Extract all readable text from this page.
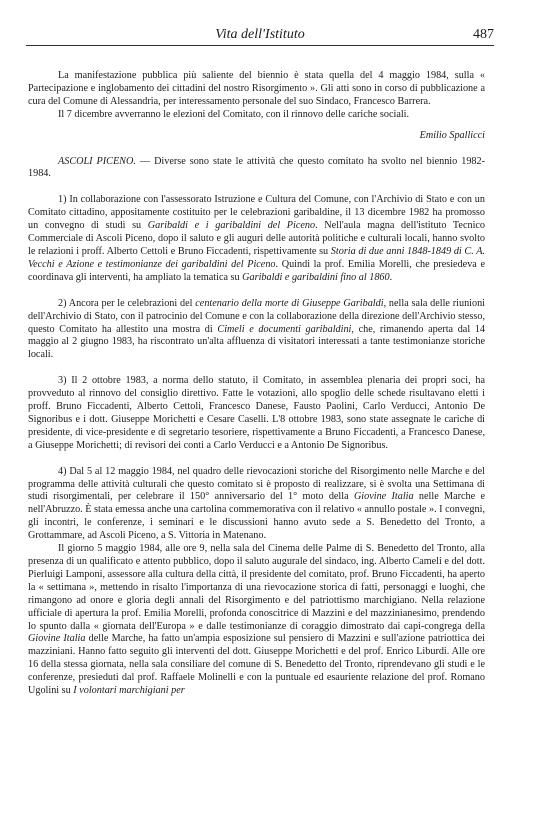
Vita dell'Istituto	487

La manifestazione pubblica più saliente del biennio è stata quella del 4 maggio 1984, sulla « Partecipazione e inglobamento dei cittadini del nostro Risorgimento ». Gli atti sono in corso di pubblicazione a cura del Comune di Alessandria, per interessamento personale del suo Sindaco, Francesco Barrera.

Il 7 dicembre avverranno le elezioni del Comitato, con il rinnovo delle cariche sociali.

Emilio Spallicci

ASCOLI PICENO. — Diverse sono state le attività che questo comitato ha svolto nel biennio 1982-1984.

1) In collaborazione con l'assessorato Istruzione e Cultura del Comune, con l'Archivio di Stato e con un Comitato cittadino, appositamente costituito per le celebrazioni garibaldine, il 13 dicembre 1982 ha promosso un convegno di studi su Garibaldi e i garibaldini del Piceno. Nell'aula magna dell'istituto Tecnico Commerciale di Ascoli Piceno, dopo il saluto e gli auguri delle autorità politiche e culturali locali, hanno svolto le relazioni i proff. Alberto Cettoli e Bruno Ficcadenti, rispettivamente su Storia di due anni 1848-1849 di C. A. Vecchi e Azione e testimonianze dei garibaldini del Piceno. Quindi la prof. Emilia Morelli, che presiedeva e coordinava gli interventi, ha ampliato la tematica su Garibaldi e garibaldini fino al 1860.

2) Ancora per le celebrazioni del centenario della morte di Giuseppe Garibaldi, nella sala delle riunioni dell'Archivio di Stato, con il patrocinio del Comune e con la collaborazione della direzione dell'Archivio stesso, questo Comitato ha allestito una mostra di Cimeli e documenti garibaldini, che, rimanendo aperta dal 14 maggio al 2 giugno 1983, ha riscontrato un'alta affluenza di visitatori interessati a tante testimonianze storiche locali.

3) Il 2 ottobre 1983, a norma dello statuto, il Comitato, in assemblea plenaria dei propri soci, ha provveduto al rinnovo del consiglio direttivo. Fatte le votazioni, allo spoglio delle schede risultavano eletti i proff. Bruno Ficcadenti, Alberto Cettoli, Francesco Danese, Fausto Paolini, Carlo Verducci, Antonio De Signoribus e i dott. Giuseppe Morichetti e Cesare Caselli. L'8 ottobre 1983, sono state assegnate le cariche di presidente, di vice-presidente e di segretario tesoriere, rispettivamente a Bruno Ficcadenti, a Francesco Danese, a Giuseppe Morichetti; di revisori dei conti a Carlo Verducci e a Antonio De Signoribus.

4) Dal 5 al 12 maggio 1984, nel quadro delle rievocazioni storiche del Risorgimento nelle Marche e del programma delle attività culturali che questo comitato si è proposto di realizzare, si è svolta una Settimana di studi risorgimentali, per celebrare il 150° anniversario del 1° moto della Giovine Italia nelle Marche e nell'Abruzzo. È stata emessa anche una cartolina commemorativa con il relativo « annullo postale ». I convegni, gli incontri, le conferenze, i seminari e le discussioni hanno avuto sede a S. Benedetto del Tronto, a Grottammare, ad Ascoli Piceno, a S. Vittoria in Matenano.

Il giorno 5 maggio 1984, alle ore 9, nella sala del Cinema delle Palme di S. Benedetto del Tronto, alla presenza di un qualificato e attento pubblico, dopo il saluto augurale del sindaco, ing. Alberto Cameli e del dott. Pierluigi Lamponi, assessore alla cultura della città, il presidente del comitato, prof. Bruno Ficcadenti, ha aperto la « settimana », mettendo in risalto l'importanza di una rievocazione storica di fatti, personaggi e luoghi, che rimangono ad onore e gloria degli annali del Risorgimento e del patriottismo marchigiano. Nella relazione ufficiale di apertura la prof. Emilia Morelli, profonda conoscitrice di Mazzini e del mazzinianesimo, prendendo lo spunto dalla « giornata dell'Europa » e dalle testimonianze di coraggio dimostrato dai capi-congrega della Giovine Italia delle Marche, ha fatto un'ampia esposizione sul pensiero di Mazzini e sull'azione patriottica dei mazziniani. Hanno fatto seguito gli interventi del dott. Giuseppe Morichetti e del prof. Enrico Liburdi. Alle ore 16 della stessa giornata, nella sala consiliare del comune di S. Benedetto del Tronto, riprendevano gli studi e le conferenze, presieduti dal prof. Raffaele Molinelli e con la puntuale ed esauriente relazione del prof. Romano Ugolini su I volontari marchigiani per
